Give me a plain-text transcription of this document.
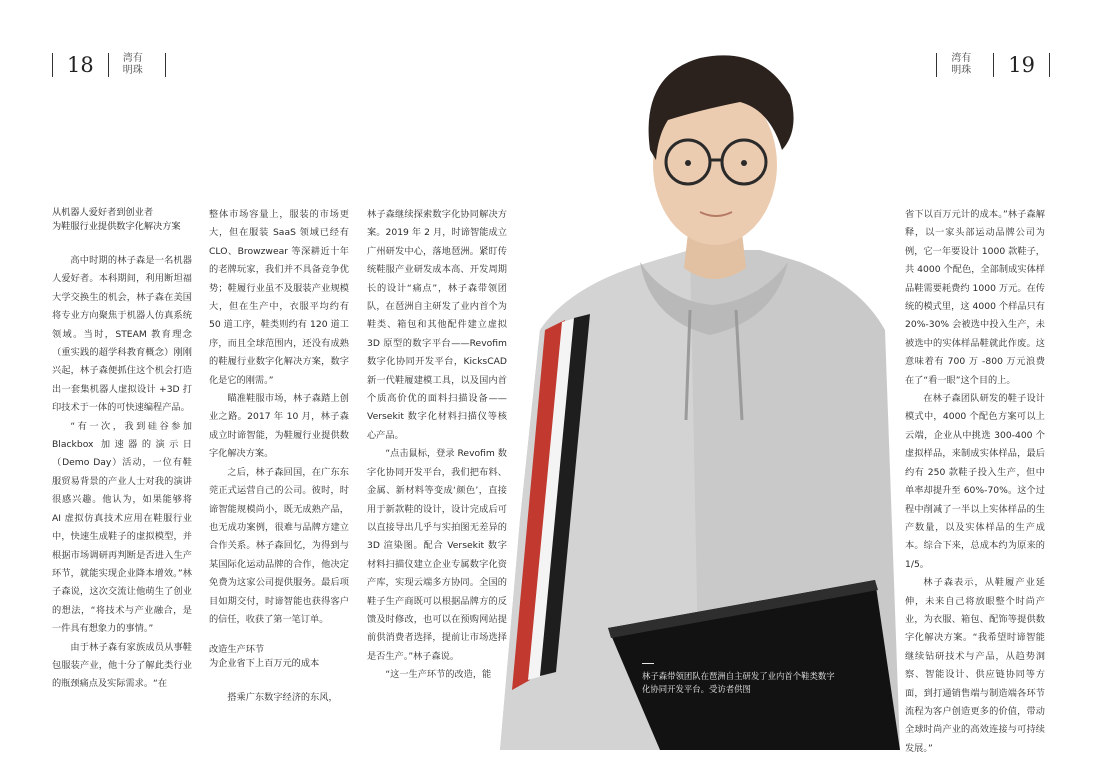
18	湾有
明珠
湾有
明珠	19
从机器人爱好者到创业者
为鞋服行业提供数字化解决方案

高中时期的林子森是一名机器人爱好者。本科期间，利用断坦福大学交换生的机会，林子森在美国将专业方向聚焦于机器人仿真系统领域。当时，STEAM 教育理念（重实践的超学科教育概念）刚刚兴起，林子森便抓住这个机会打造出一套集机器人虚拟设计 +3D 打印技术于一体的可快速编程产品。

“有一次，我到硅谷参加 Blackbox 加速器的演示日（Demo Day）活动，一位有鞋服贸易背景的产业人士对我的演讲很感兴趣。他认为，如果能够将 AI 虚拟仿真技术应用在鞋服行业中，快速生成鞋子的虚拟模型，并根据市场调研再判断是否进入生产环节，就能实现企业降本增效。”林子森说，这次交流让他萌生了创业的想法，“将技术与产业融合，是一件具有想象力的事情。”

由于林子森有家族成员从事鞋包服装产业，他十分了解此类行业的瓶颈痛点及实际需求。“在

整体市场容量上，服装的市场更大，但在服装 SaaS 领域已经有 CLO、Browzwear 等深耕近十年的老牌玩家，我们并不具备竞争优势；鞋履行业虽不及服装产业规模大，但在生产中，衣服平均约有 50 道工序，鞋类则约有 120 道工序，而且全球范围内，还没有成熟的鞋履行业数字化解决方案，数字化是它的刚需。”

瞄准鞋服市场，林子森踏上创业之路。2017 年 10 月，林子森成立时谛智能，为鞋履行业提供数字化解决方案。

之后，林子森回国，在广东东莞正式运营自己的公司。彼时，时谛智能规模尚小，既无成熟产品，也无成功案例，很难与品牌方建立合作关系。林子森回忆，为得到与某国际化运动品牌的合作，他决定免费为这家公司提供服务。最后项目如期交付，时谛智能也获得客户的信任，收获了第一笔订单。

改造生产环节
为企业省下上百万元的成本

搭乘广东数字经济的东风，

林子森继续探索数字化协同解决方案。2019 年 2 月，时谛智能成立广州研发中心，落地琶洲。紧盯传统鞋服产业研发成本高、开发周期长的设计“痛点”，林子森带领团队，在琶洲自主研发了业内首个为鞋类、箱包和其他配件建立虚拟 3D 原型的数字平台——Revofim 数字化协同开发平台，KicksCAD 新一代鞋履建模工具，以及国内首个质高价优的面料扫描设备——Versekit 数字化材料扫描仪等核心产品。

“点击鼠标，登录 Revofim 数字化协同开发平台，我们把布料、金属、新材料等变成‘颜色’，直接用于新款鞋的设计，设计完成后可以直接导出几乎与实拍图无差异的 3D 渲染图。配合 Versekit 数字材料扫描仪建立企业专属数字化资产库，实现云端多方协同。全国的鞋子生产商既可以根据品牌方的反馈及时修改，也可以在预购网站提前供消费者选择，提前让市场选择是否生产。”林子森说。

“这一生产环节的改造，能	林子森带领团队在琶洲自主研发了业内首个鞋类数字化协同开发平台。受访者供图

省下以百万元计的成本。”林子森解释，以一家头部运动品牌公司为例，它一年要设计 1000 款鞋子，共 4000 个配色，全部制成实体样品鞋需要耗费约 1000 万元。在传统的模式里，这 4000 个样品只有 20%-30% 会被选中投入生产，未被选中的实体样品鞋就此作废。这意味着有 700 万 -800 万元浪费在了“看一眼”这个目的上。

在林子森团队研发的鞋子设计模式中，4000 个配色方案可以上云端，企业从中挑选 300-400 个虚拟样品，来制成实体样品，最后约有 250 款鞋子投入生产，但中单率却提升至 60%-70%。这个过程中削减了一半以上实体样品的生产数量，以及实体样品的生产成本。综合下来，总成本约为原来的 1/5。

林子森表示，从鞋履产业延伸，未来自己将放眼整个时尚产业，为衣服、箱包、配饰等提供数字化解决方案。“我希望时谛智能继续钻研技术与产品，从趋势洞察、智能设计、供应链协同等方面，到打通销售端与制造端各环节流程为客户创造更多的价值，带动全球时尚产业的高效连接与可持续发展。”
